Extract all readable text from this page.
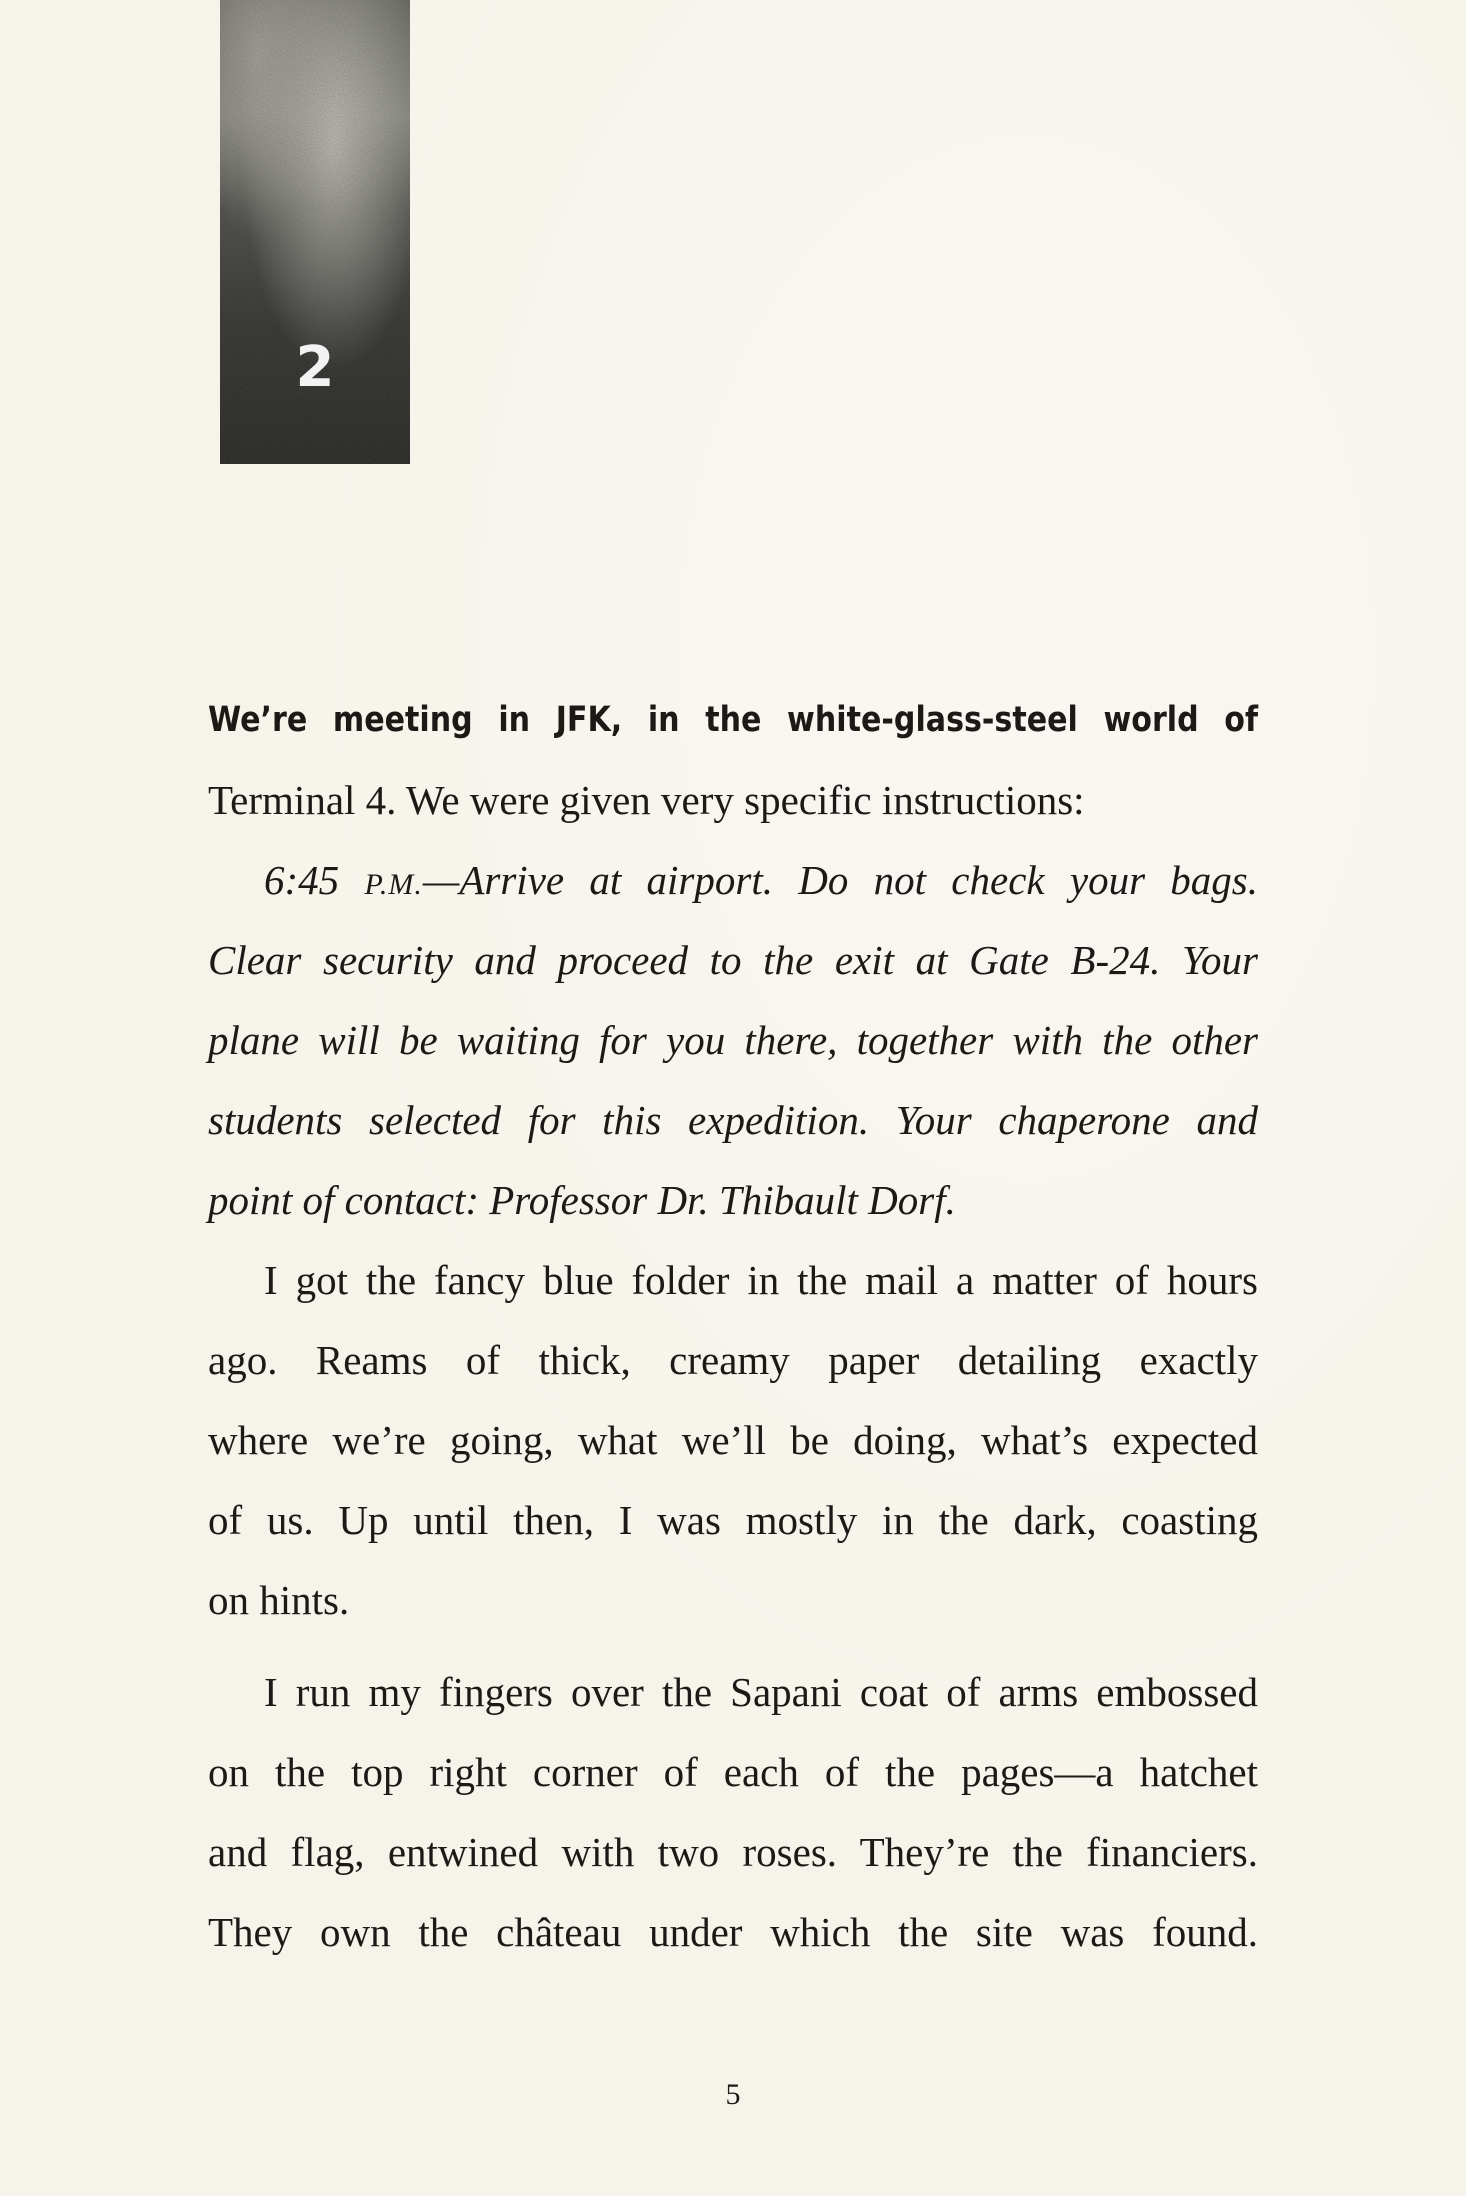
2
We’re meeting in JFK, in the white-glass-steel world of
Terminal 4. We were given very specific instructions:
6:45 P.M.—Arrive at airport. Do not check your bags.
Clear security and proceed to the exit at Gate B-24. Your
plane will be waiting for you there, together with the other
students selected for this expedition. Your chaperone and
point of contact: Professor Dr. Thibault Dorf.
I got the fancy blue folder in the mail a matter of hours
ago. Reams of thick, creamy paper detailing exactly
where we’re going, what we’ll be doing, what’s expected
of us. Up until then, I was mostly in the dark, coasting
on hints.
I run my fingers over the Sapani coat of arms embossed
on the top right corner of each of the pages—a hatchet
and flag, entwined with two roses. They’re the financiers.
They own the château under which the site was found.
5
